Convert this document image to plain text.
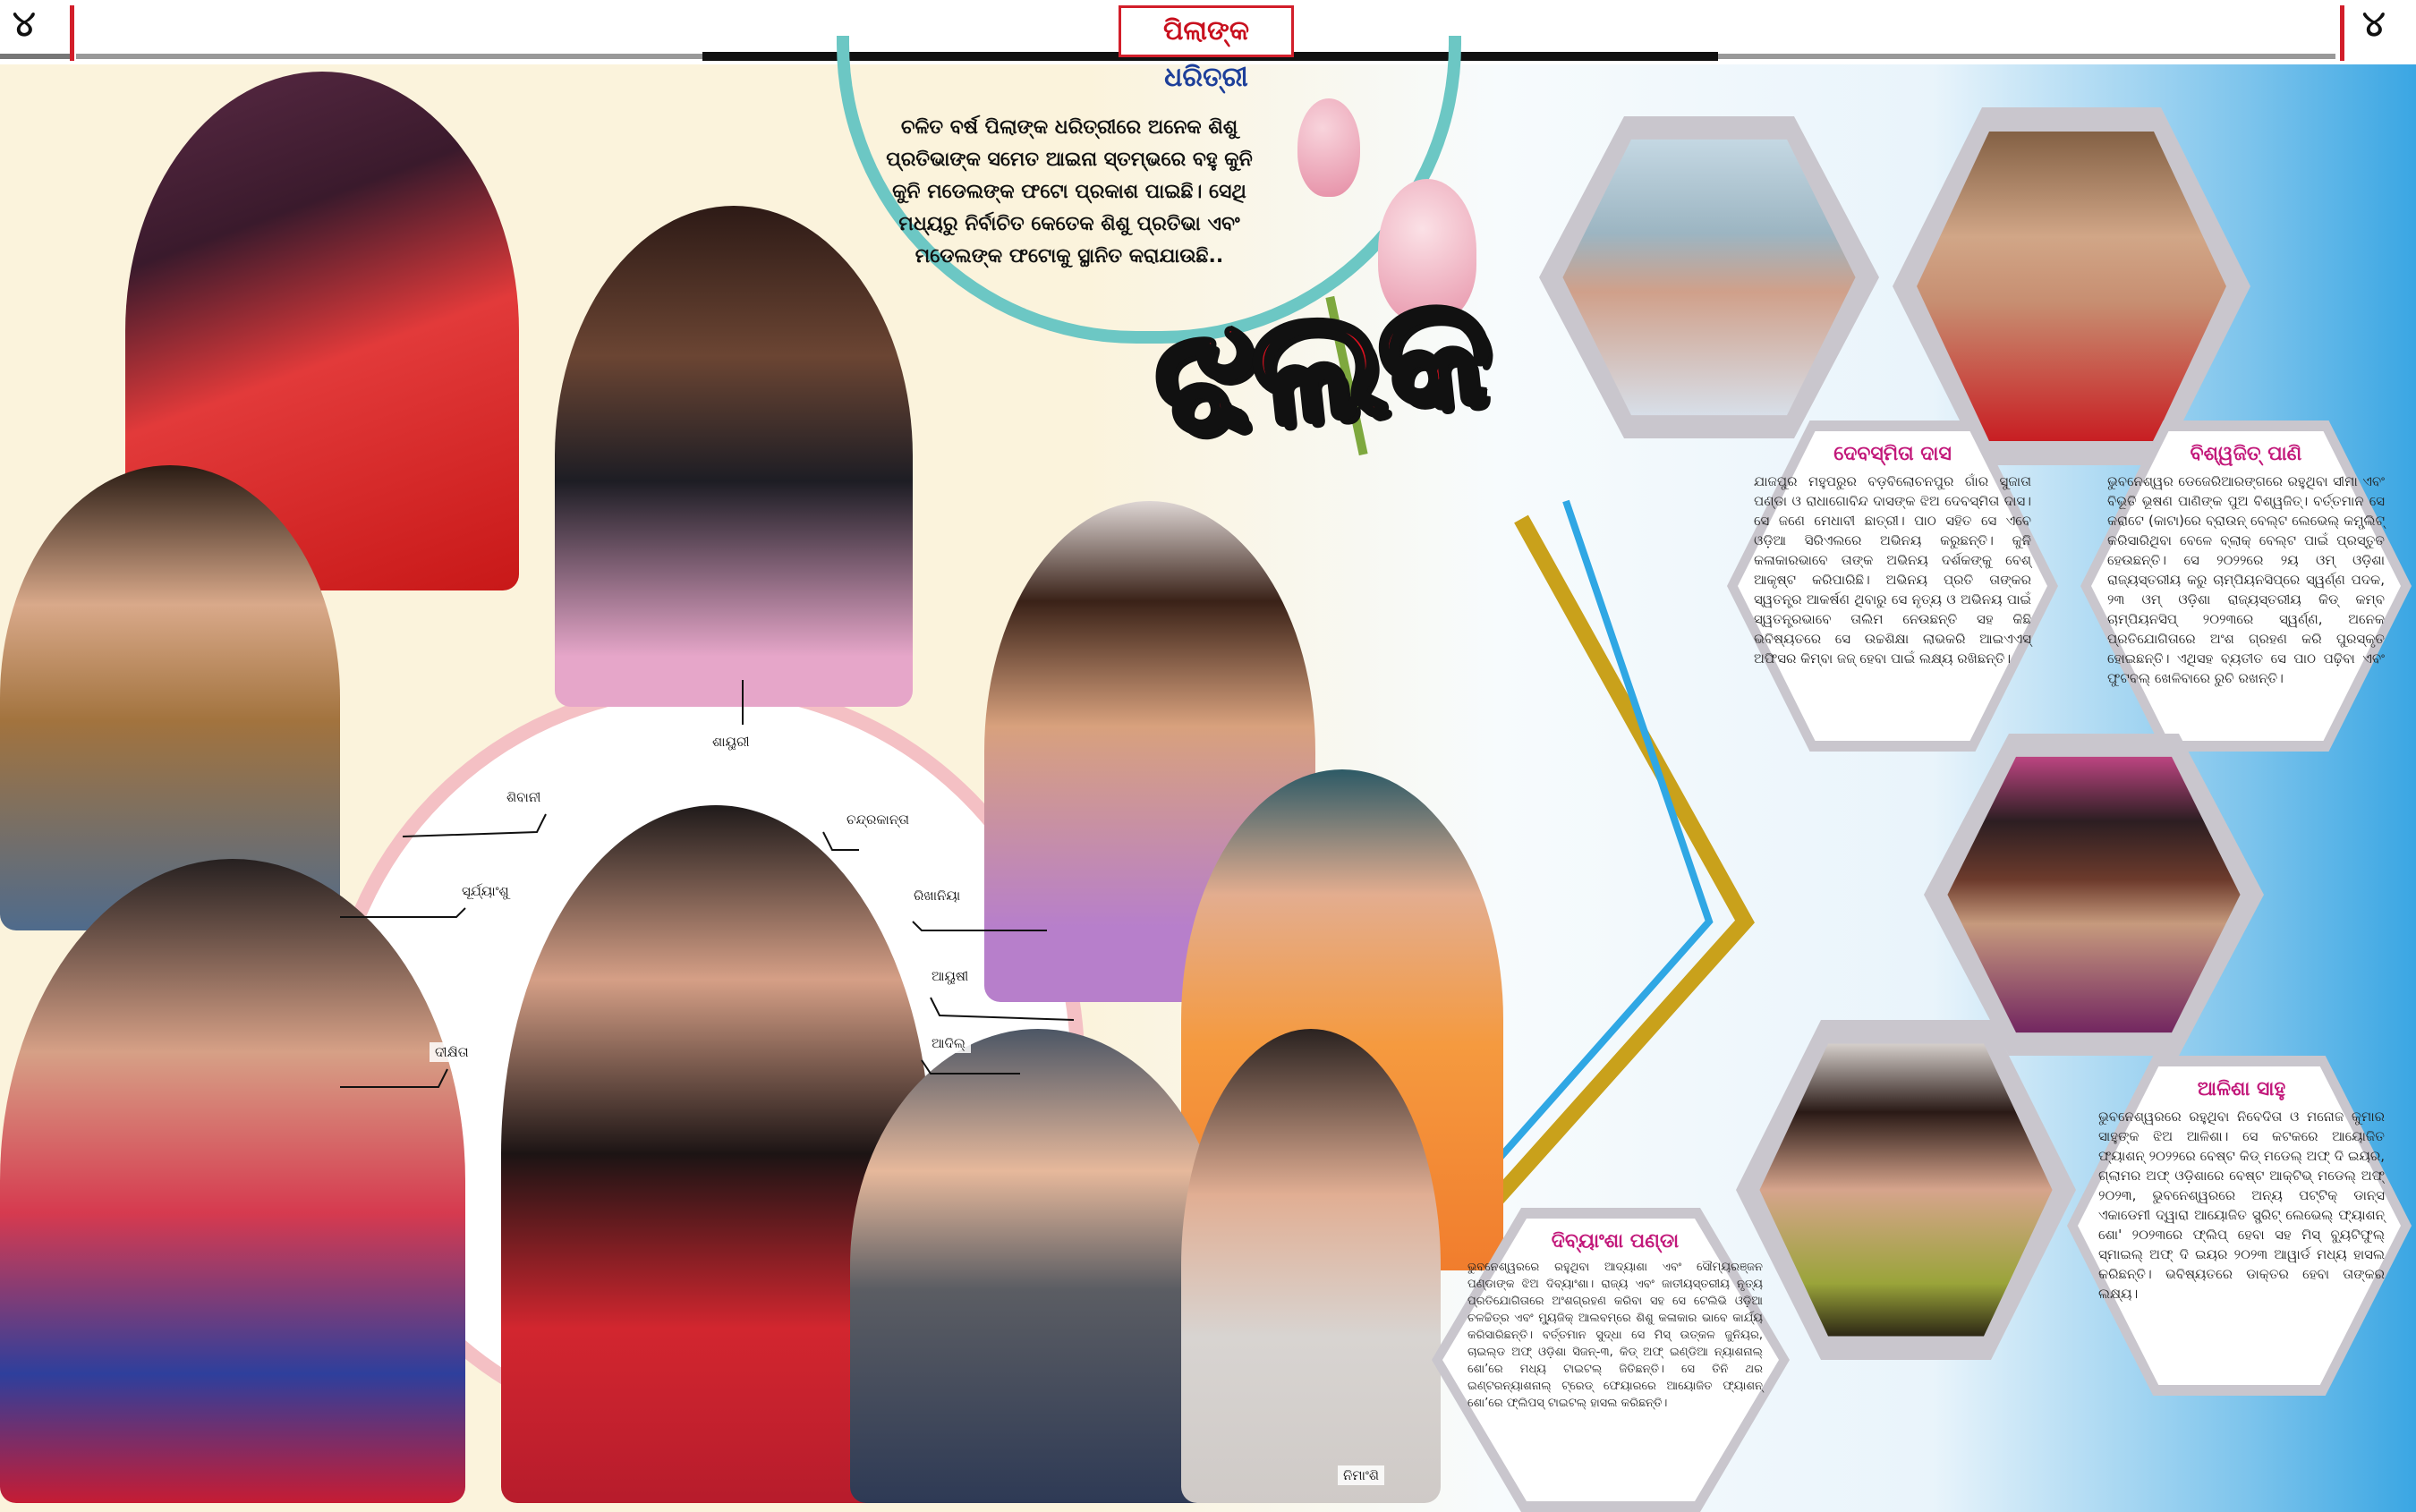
୪	୪
ପିଲାଙ୍କ ଧରିତ୍ରୀ
ଚଳିତ ବର୍ଷ ପିଲାଙ୍କ ଧରିତ୍ରୀରେ ଅନେକ ଶିଶୁ ପ୍ରତିଭାଙ୍କ ସମେତ ଆଇନା ସ୍ତମ୍ଭରେ ବହୁ କୁନି କୁନି ମଡେଲଙ୍କ ଫଟୋ ପ୍ରକାଶ ପାଇଛି। ସେଥି ମଧ୍ୟରୁ ନିର୍ବାଚିତ କେତେକ ଶିଶୁ ପ୍ରତିଭା ଏବଂ ମଡେଲଙ୍କ ଫଟୋକୁ ସ୍ଥାନିତ କରାଯାଉଛି..
ଝଲକ
ଶାୟୁରୀ
ଶିବାନୀ
ଚନ୍ଦ୍ରକାନ୍ତା
ସୂର୍ଯ୍ୟାଂଶୁ	ରିଖାନିୟା
ଆୟୁଷୀ
ଆଦିଲ୍
ଦୀକ୍ଷିତା
ନିମାଂଶି
ଦେବସ୍ମିତା ଦାସ
ଯାଜପୁର ମହୁପରୁର ବଡ଼ବିଲୋଚନପୁର ଗାଁର ସୁଜାତା ପଣ୍ଡା ଓ ରାଧାଗୋବିନ୍ଦ ଦାସଙ୍କ ଝିଅ ଦେବସ୍ମିତା ଦାସ। ସେ ଜଣେ ମେଧାବୀ ଛାତ୍ରୀ। ପାଠ ସହିତ ସେ ଏବେ ଓଡ଼ିଆ ସିରିଏଲରେ ଅଭିନୟ କରୁଛନ୍ତି। କୁନି କଳାକାରଭାବେ ତାଙ୍କ ଅଭିନୟ ଦର୍ଶକଙ୍କୁ ବେଶ୍ ଆକୃଷ୍ଟ କରିପାରିଛି। ଅଭିନୟ ପ୍ରତି ତାଙ୍କର ସ୍ୱତନ୍ତ୍ର ଆକର୍ଷଣ ଥିବାରୁ ସେ ନୃତ୍ୟ ଓ ଅଭିନୟ ପାଇଁ ସ୍ୱତନ୍ତ୍ରଭାବେ ତାଲିମ ନେଉଛନ୍ତି ସହ କିଛି ଭବିଷ୍ୟତରେ ସେ ଉଚ୍ଚଶିକ୍ଷା ଲାଭକରି ଆଇଏଏସ୍ ଅଫିସର କିମ୍ବା ଜଜ୍ ହେବା ପାଇଁ ଲକ୍ଷ୍ୟ ରଖିଛନ୍ତି।
ବିଶ୍ୱଜିତ୍ ପାଣି
ଭୁବନେଶ୍ୱର ଡେଜେରିଆରଙ୍ଗରେ ରହୁଥିବା ସୀମା ଏବଂ ବିଭୂତି ଭୂଷଣ ପାଣିଙ୍କ ପୁଅ ବିଶ୍ୱଜିତ୍। ବର୍ତ୍ତମାନ ସେ କରାଟେ (କାଟା)ରେ ବ୍ରାଉନ୍ ବେଲ୍ଟ ଲେଭେଲ୍ କମ୍ପ୍ଲିଟ୍ କରିସାରିଥିବା ବେଳେ ବ୍ଲାକ୍ ବେଲ୍ଟ ପାଇଁ ପ୍ରସ୍ତୁତ ହେଉଛନ୍ତି। ସେ ୨୦୨୨ରେ ୨ୟ ଓମ୍ ଓଡ଼ିଶା ରାଜ୍ୟସ୍ତରୀୟ କରୁ ଚାମ୍ପିୟନସିପ୍‌ରେ ସ୍ୱର୍ଣ୍ଣ ପଦକ, ୨୩ ଓମ୍ ଓଡ଼ିଶା ରାଜ୍ୟସ୍ତରୀୟ କିଡ୍ କମ୍ବ ଚାମ୍ପିୟନସିପ୍ ୨୦୨୩ରେ ସ୍ୱର୍ଣ୍ଣ, ଅନେକ ପ୍ରତିଯୋଗିତାରେ ଅଂଶ ଗ୍ରହଣ କରି ପୁରସ୍କୃତ ହୋଇଛନ୍ତି। ଏଥିସହ ବ୍ୟତୀତ ସେ ପାଠ ପଢ଼ିବା ଏବଂ ଫୁଟବଲ୍ ଖେଳିବାରେ ରୁଚି ରଖନ୍ତି।
ଦିବ୍ୟାଂଶା ପଣ୍ଡା
ଭୁବନେଶ୍ୱରରେ ରହୁଥିବା ଆଦ୍ୟାଶା ଏବଂ ସୌମ୍ୟରଞ୍ଜନ ପଣ୍ଡାଙ୍କ ଝିଅ ଦିବ୍ୟାଂଶା। ରାଜ୍ୟ ଏବଂ ଜାତୀୟସ୍ତରୀୟ ନୃତ୍ୟ ପ୍ରତିଯୋଗିତାରେ ଅଂଶଗ୍ରହଣ କରିବା ସହ ସେ ଟେଲିଭି ଓଡ଼ିଆ ଚଳଚ୍ଚିତ୍ର ଏବଂ ମ୍ୟୁଜିକ୍ ଆଲବମ୍‌ରେ ଶିଶୁ କଳାକାର ଭାବେ କାର୍ଯ୍ୟ କରିସାରିଛନ୍ତି। ବର୍ତ୍ତମାନ ସୁଦ୍ଧା ସେ ମିସ୍ ଉତ୍କଳ ଜୁନିୟର, ଚାଇଲ୍ଡ ଅଫ୍ ଓଡ଼ିଶା ସିଜନ୍-୩, କିଡ୍ ଅଫ୍ ଇଣ୍ଡିଆ ନ୍ୟାଶନାଲ୍ ଶୋ’ରେ ମଧ୍ୟ ଟାଇଟଲ୍ ଜିତିଛନ୍ତି। ସେ ତିନି ଥର ଇଣ୍ଟରନ୍ୟାଶନାଲ୍ ଟ୍ରେଡ୍ ଫେୟାରରେ ଆୟୋଜିତ ଫ୍ୟାଶନ୍ ଶୋ’ରେ ଫ୍ଲିପସ୍ ଟାଇଟଲ୍ ହାସଲ କରିଛନ୍ତି।
ଆଳିଶା ସାହୁ
ଭୁବନେଶ୍ୱରରେ ରହୁଥିବା ନିବେଦିତା ଓ ମନୋଜ କୁମାର ସାହୁଙ୍କ ଝିଅ ଆଳିଶା। ସେ କଟକରେ ଆୟୋଜିତ ଫ୍ୟାଶନ୍ ୨୦୨୨ରେ ବେଷ୍ଟ କିଡ୍ ମଡେଲ୍ ଅଫ୍ ଦି ଇୟର, ଗ୍ଲାମର ଅଫ୍ ଓଡ଼ିଶାରେ ବେଷ୍ଟ ଆକ୍ଟିଭ୍ ମଡେଲ୍ ଅଫ୍ ୨୦୨୩, ଭୁବନେଶ୍ୱରରେ ଅନ୍ୟ ପଟ୍ଟିକ୍ ଡାନ୍ସ ଏକାଡେମୀ ଦ୍ୱାରା ଆୟୋଜିତ ସ୍ପ୍ରିଟ୍ ଲେଭେଲ୍ ଫ୍ୟାଶନ୍ ଶୋ' ୨୦୨୩ରେ ଫ୍ଲିପ୍ ହେବା ସହ ମିସ୍ ବ୍ୟୁଟିଫୁଲ୍ ସ୍ମାଇଲ୍ ଅଫ୍ ଦି ଇୟର ୨୦୨୩ ଆୱାର୍ଡ ମଧ୍ୟ ହାସଲ କରିଛନ୍ତି। ଭବିଷ୍ୟତରେ ଡାକ୍ତର ହେବା ତାଙ୍କର ଲକ୍ଷ୍ୟ।
